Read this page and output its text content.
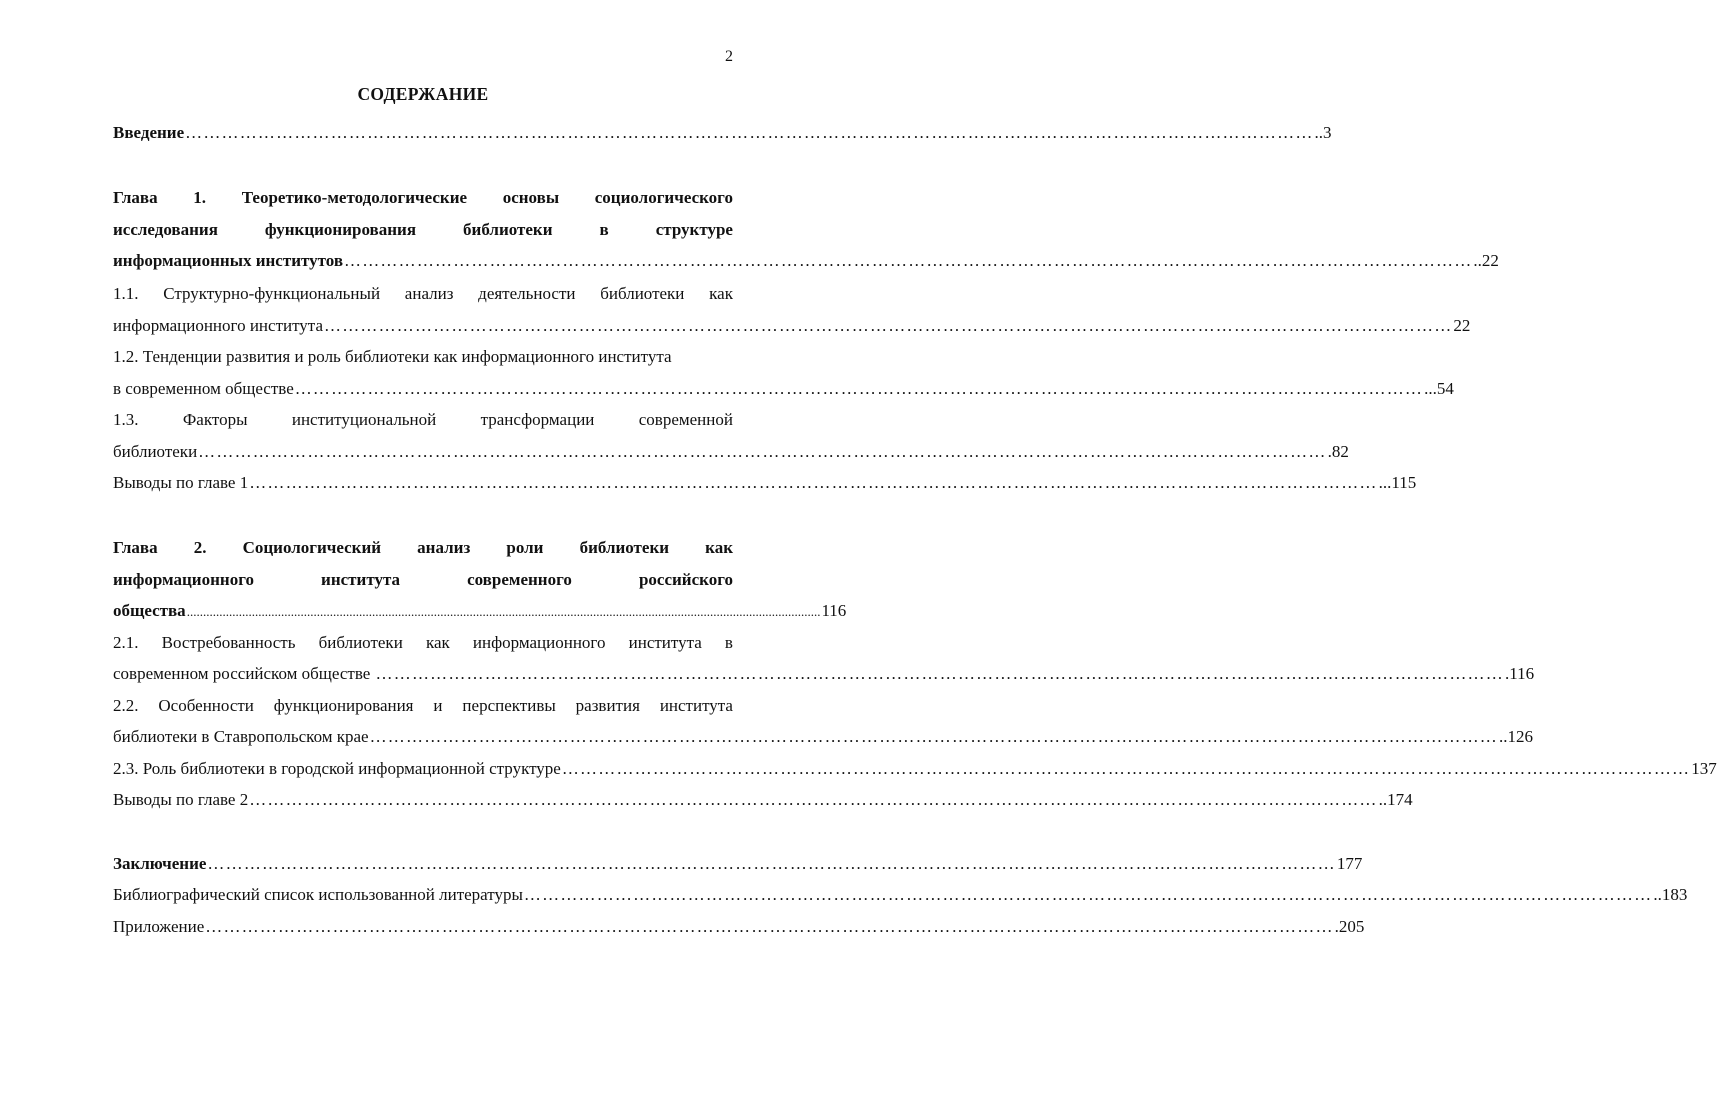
2
СОДЕРЖАНИЕ
Введение …………………………………………………………………………………………………………………………………………………………………… ..3
Глава 1. Теоретико-методологические основы социологического
исследования	функционирования	библиотеки	в	структуре
информационных институтов …………………………………………………………………………………………………………………………………………………………………… ..22
1.1. Структурно-функциональный анализ деятельности библиотеки как
информационного института …………………………………………………………………………………………………………………………………………………………………… 22
1.2. Тенденции развития и роль библиотеки как информационного института
в современном обществе …………………………………………………………………………………………………………………………………………………………………… ...54
1.3.	Факторы	институциональной	трансформации	современной
библиотеки …………………………………………………………………………………………………………………………………………………………………… .82
Выводы по главе 1 …………………………………………………………………………………………………………………………………………………………………… ...115
Глава 2. Социологический анализ роли библиотеки как
информационного	института	современного	российского
общества ................................................................................................................................................................................................... 116
2.1. Востребованность библиотеки как информационного института в
современном российском обществе …………………………………………………………………………………………………………………………………………………………………… .116
2.2. Особенности функционирования и перспективы развития института
библиотеки в Ставропольском крае …………………………………………………………………………………………………………………………………………………………………… ..126
2.3. Роль библиотеки в городской информационной структуре …………………………………………………………………………………………………………………………………………………………………… 137
Выводы по главе 2 …………………………………………………………………………………………………………………………………………………………………… ..174
Заключение …………………………………………………………………………………………………………………………………………………………………… 177
Библиографический список использованной литературы …………………………………………………………………………………………………………………………………………………………………… ..183
Приложение …………………………………………………………………………………………………………………………………………………………………… .205
